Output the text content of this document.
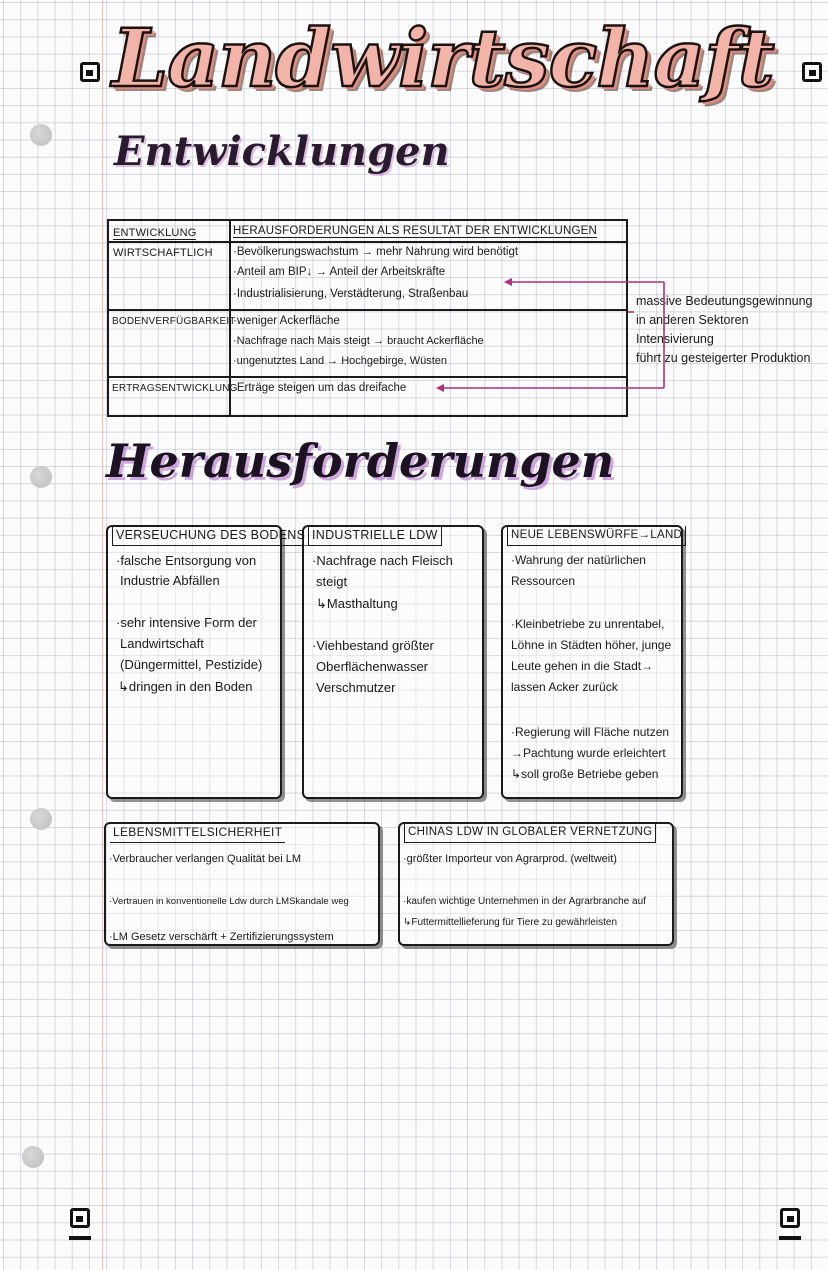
Landwirtschaft
Entwicklungen
ENTWICKLUNG	HERAUSFORDERUNGEN ALS RESULTAT DER ENTWICKLUNGEN
WIRTSCHAFTLICH ·Bevölkerungswachstum → mehr Nahrung wird benötigt
·Anteil am BIP↓ → Anteil der Arbeitskräfte
·Industrialisierung, Verstädterung, Straßenbau
BODENVERFÜGBARKEIT
·weniger Ackerfläche
·Nachfrage nach Mais steigt → braucht Ackerfläche
·ungenutztes Land → Hochgebirge, Wüsten
ERTRAGSENTWICKLUNG
·Erträge steigen um das dreifache
massive Bedeutungsgewinnung
in anderen Sektoren
Intensivierung
führt zu gesteigerter Produktion
Herausforderungen
VERSEUCHUNG DES BODENS
·falsche Entsorgung von
Industrie Abfällen
·sehr intensive Form der
Landwirtschaft
(Düngermittel, Pestizide)
↳dringen in den Boden
INDUSTRIELLE LDW
·Nachfrage nach Fleisch
steigt
↳Masthaltung
·Viehbestand größter
Oberflächenwasser
Verschmutzer
NEUE LEBENSWÜRFE→LAND
·Wahrung der natürlichen
Ressourcen
·Kleinbetriebe zu unrentabel,
Löhne in Städten höher, junge
Leute gehen in die Stadt→
lassen Acker zurück
·Regierung will Fläche nutzen
→Pachtung wurde erleichtert
↳soll große Betriebe geben
LEBENSMITTELSICHERHEIT
·Verbraucher verlangen Qualität bei LM
·Vertrauen in konventionelle Ldw durch LMSkandale weg
·LM Gesetz verschärft + Zertifizierungssystem
CHINAS LDW IN GLOBALER VERNETZUNG
·größter Importeur von Agrarprod. (weltweit)
·kaufen wichtige Unternehmen in der Agrarbranche auf
↳Futtermittellieferung für Tiere zu gewährleisten
